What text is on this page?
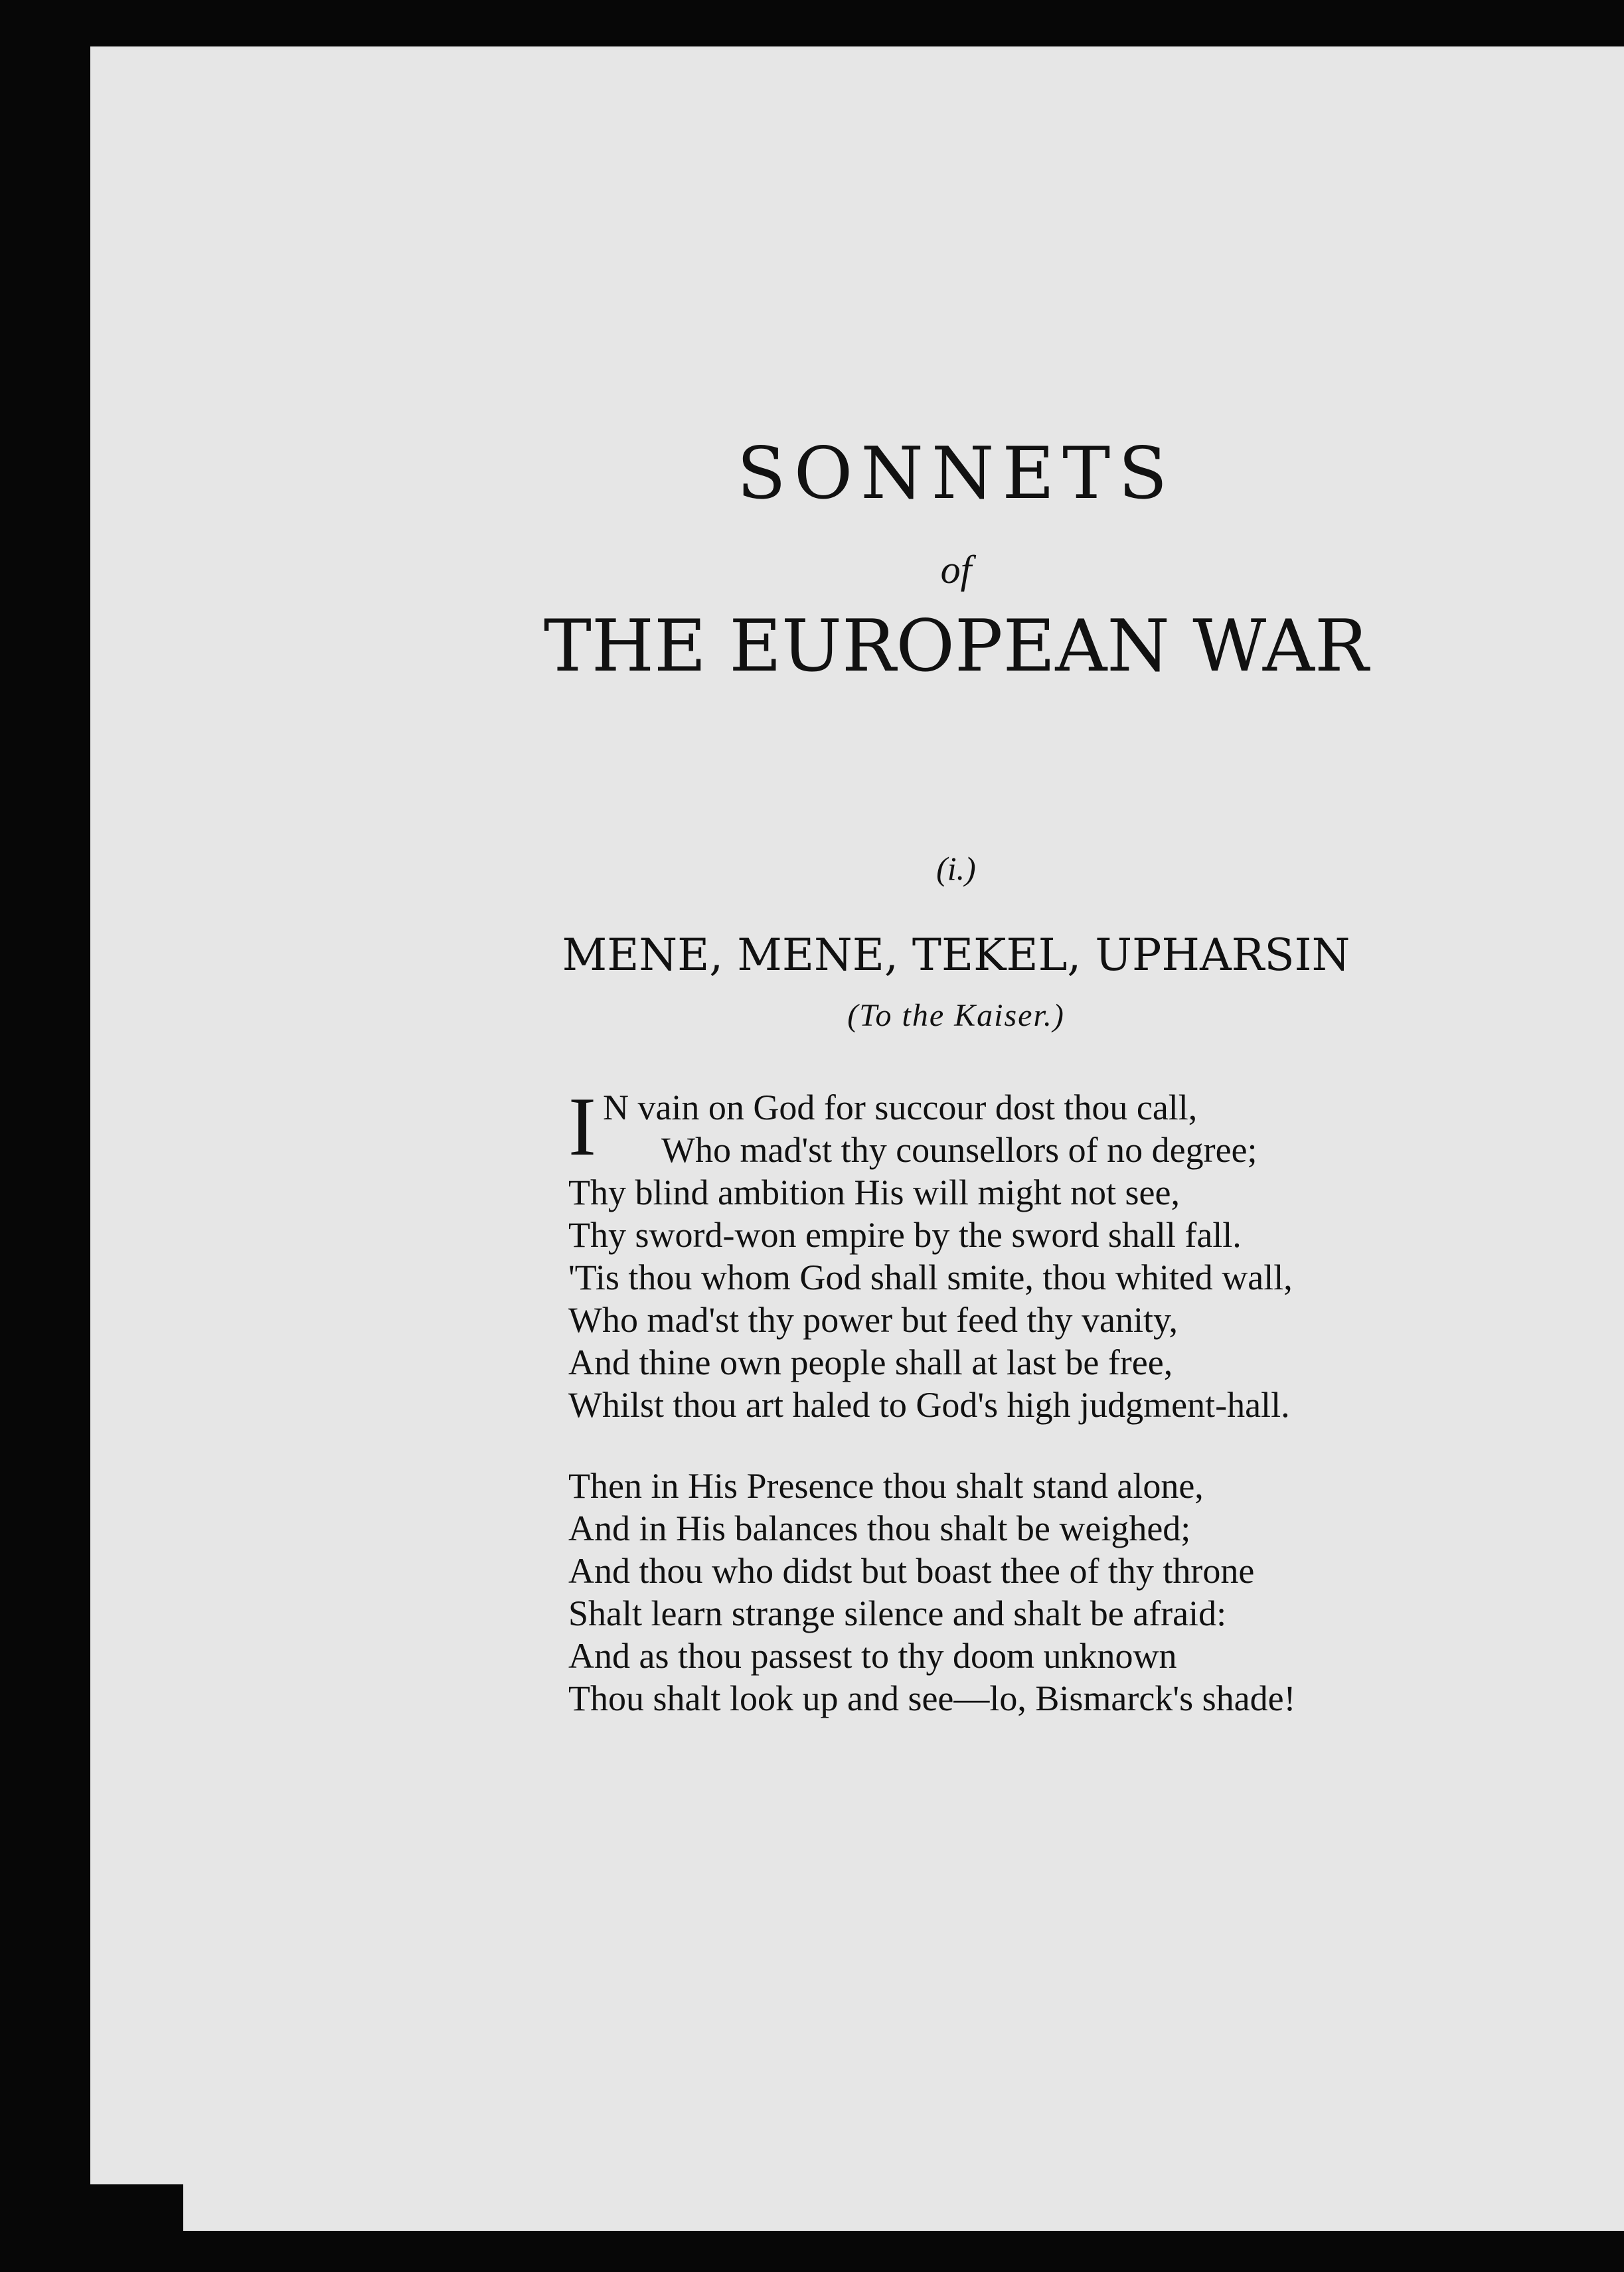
SONNETS
of
THE EUROPEAN WAR
(i.)
MENE, MENE, TEKEL, UPHARSIN
(To the Kaiser.)
I N vain on God for succour dost thou call,
Who mad'st thy counsellors of no degree;
Thy blind ambition His will might not see,
Thy sword-won empire by the sword shall fall.
'Tis thou whom God shall smite, thou whited wall,
Who mad'st thy power but feed thy vanity,
And thine own people shall at last be free,
Whilst thou art haled to God's high judgment-hall.
Then in His Presence thou shalt stand alone,
And in His balances thou shalt be weighed;
And thou who didst but boast thee of thy throne
Shalt learn strange silence and shalt be afraid:
And as thou passest to thy doom unknown
Thou shalt look up and see—lo, Bismarck's shade!
